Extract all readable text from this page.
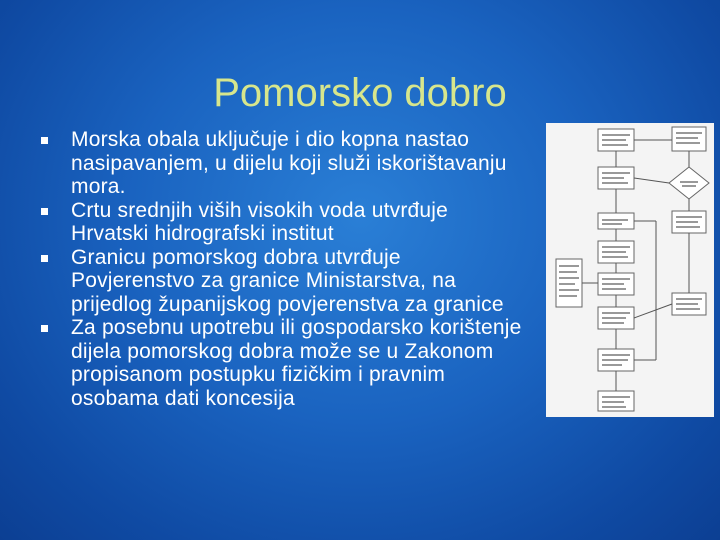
Pomorsko dobro
Morska obala uključuje i dio kopna nastao nasipavanjem, u dijelu koji služi iskorištavanju mora.
Crtu srednjih viših visokih voda utvrđuje Hrvatski hidrografski institut
Granicu pomorskog dobra utvrđuje Povjerenstvo za granice Ministarstva, na prijedlog županijskog povjerenstva za granice
Za posebnu upotrebu ili gospodarsko korištenje dijela pomorskog dobra može se u Zakonom propisanom postupku fizičkim i pravnim osobama dati koncesija
